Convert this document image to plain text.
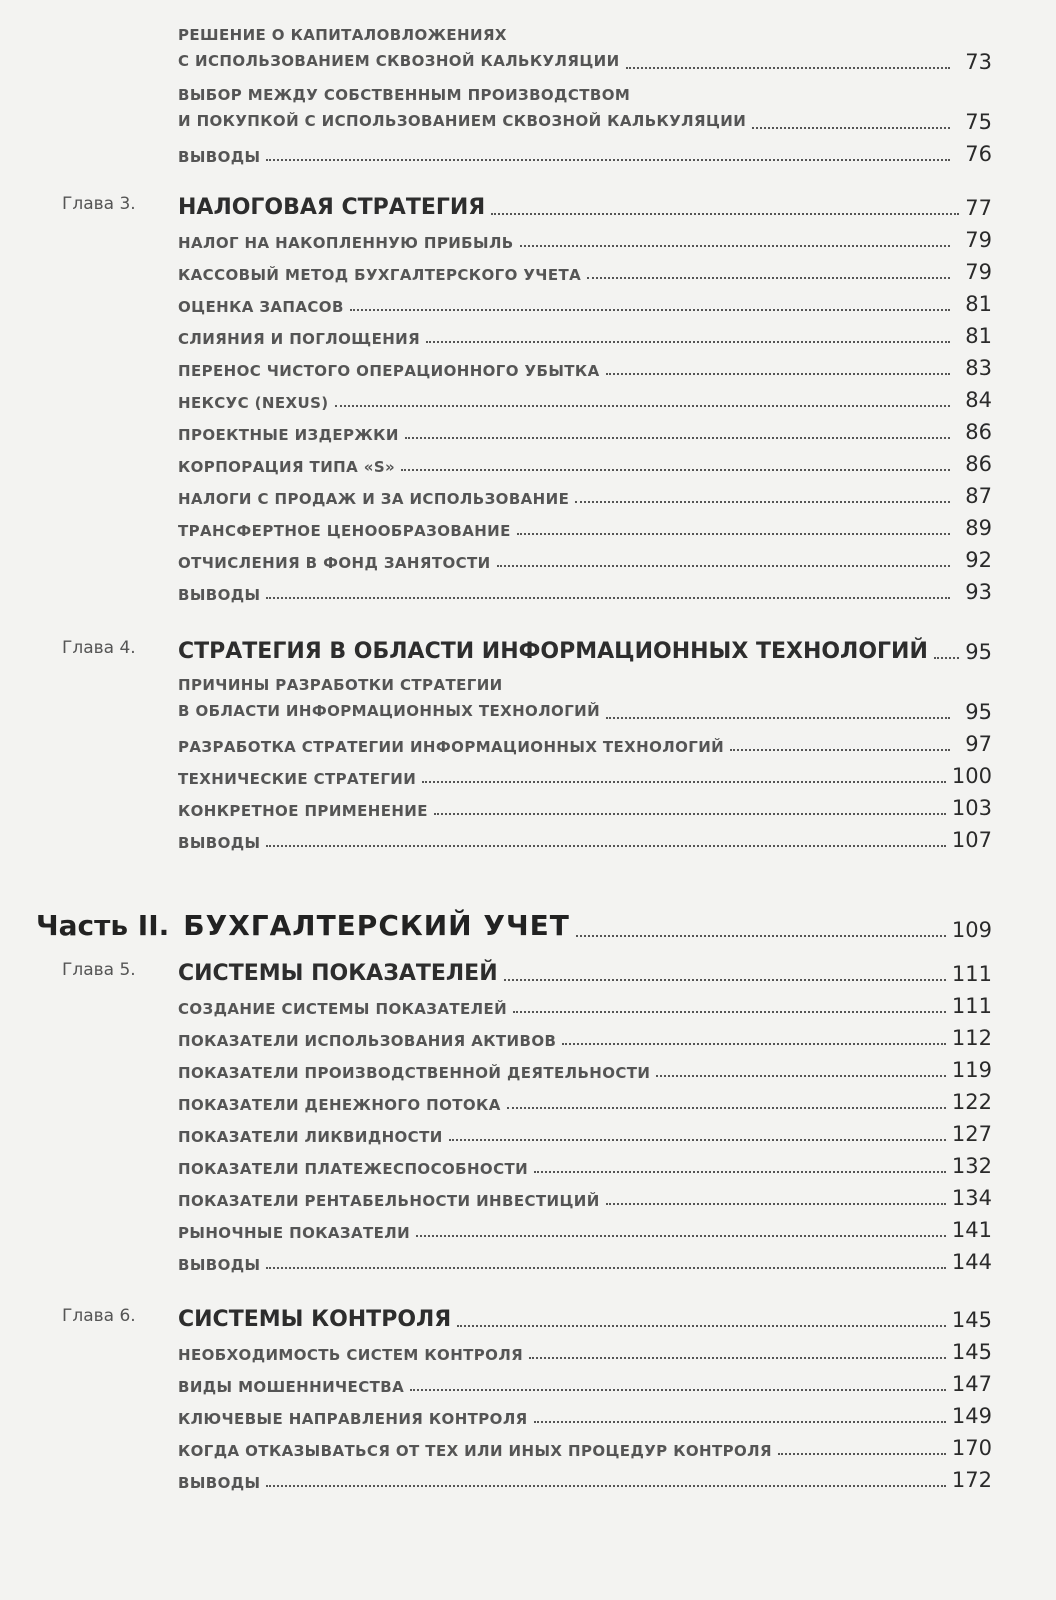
РЕШЕНИЕ О КАПИТАЛОВЛОЖЕНИЯХ
С ИСПОЛЬЗОВАНИЕМ СКВОЗНОЙ КАЛЬКУЛЯЦИИ	73
ВЫБОР МЕЖДУ СОБСТВЕННЫМ ПРОИЗВОДСТВОМ
И ПОКУПКОЙ С ИСПОЛЬЗОВАНИЕМ СКВОЗНОЙ КАЛЬКУЛЯЦИИ	75
ВЫВОДЫ	76
Глава 3. НАЛОГОВАЯ СТРАТЕГИЯ	77
НАЛОГ НА НАКОПЛЕННУЮ ПРИБЫЛЬ	79
КАССОВЫЙ МЕТОД БУХГАЛТЕРСКОГО УЧЕТА	79
ОЦЕНКА ЗАПАСОВ	81
СЛИЯНИЯ И ПОГЛОЩЕНИЯ	81
ПЕРЕНОС ЧИСТОГО ОПЕРАЦИОННОГО УБЫТКА	83
НЕКСУС (NEXUS)	84
ПРОЕКТНЫЕ ИЗДЕРЖКИ	86
КОРПОРАЦИЯ ТИПА «S»	86
НАЛОГИ С ПРОДАЖ И ЗА ИСПОЛЬЗОВАНИЕ	87
ТРАНСФЕРТНОЕ ЦЕНООБРАЗОВАНИЕ	89
ОТЧИСЛЕНИЯ В ФОНД ЗАНЯТОСТИ	92
ВЫВОДЫ	93
Глава 4. СТРАТЕГИЯ В ОБЛАСТИ ИНФОРМАЦИОННЫХ ТЕХНОЛОГИЙ 95
ПРИЧИНЫ РАЗРАБОТКИ СТРАТЕГИИ
В ОБЛАСТИ ИНФОРМАЦИОННЫХ ТЕХНОЛОГИЙ	95
РАЗРАБОТКА СТРАТЕГИИ ИНФОРМАЦИОННЫХ ТЕХНОЛОГИЙ	97
ТЕХНИЧЕСКИЕ СТРАТЕГИИ	100
КОНКРЕТНОЕ ПРИМЕНЕНИЕ	103
ВЫВОДЫ	107
Часть II. БУХГАЛТЕРСКИЙ УЧЕТ	109
Глава 5. СИСТЕМЫ ПОКАЗАТЕЛЕЙ	111
СОЗДАНИЕ СИСТЕМЫ ПОКАЗАТЕЛЕЙ	111
ПОКАЗАТЕЛИ ИСПОЛЬЗОВАНИЯ АКТИВОВ	112
ПОКАЗАТЕЛИ ПРОИЗВОДСТВЕННОЙ ДЕЯТЕЛЬНОСТИ	119
ПОКАЗАТЕЛИ ДЕНЕЖНОГО ПОТОКА	122
ПОКАЗАТЕЛИ ЛИКВИДНОСТИ	127
ПОКАЗАТЕЛИ ПЛАТЕЖЕСПОСОБНОСТИ	132
ПОКАЗАТЕЛИ РЕНТАБЕЛЬНОСТИ ИНВЕСТИЦИЙ	134
РЫНОЧНЫЕ ПОКАЗАТЕЛИ	141
ВЫВОДЫ	144
Глава 6. СИСТЕМЫ КОНТРОЛЯ	145
НЕОБХОДИМОСТЬ СИСТЕМ КОНТРОЛЯ	145
ВИДЫ МОШЕННИЧЕСТВА	147
КЛЮЧЕВЫЕ НАПРАВЛЕНИЯ КОНТРОЛЯ	149
КОГДА ОТКАЗЫВАТЬСЯ ОТ ТЕХ ИЛИ ИНЫХ ПРОЦЕДУР КОНТРОЛЯ	170
ВЫВОДЫ	172
